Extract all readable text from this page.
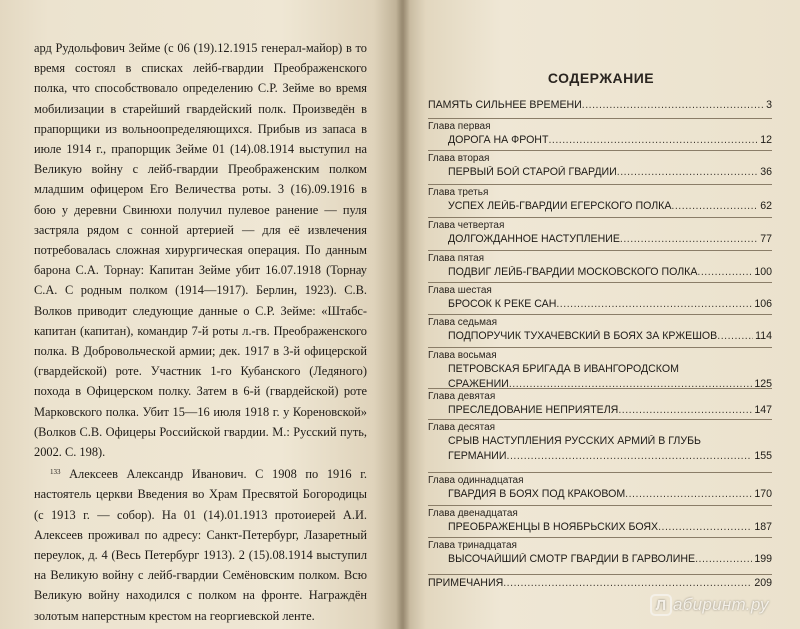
ард Рудольфович Зейме (с 06 (19).12.1915 генерал-майор) в то время состоял в списках лейб-гвардии Преображенского полка, что способствовало определению С.Р. Зейме во время мобилизации в старейший гвардейский полк. Произведён в прапорщики из вольноопределяющихся. Прибыв из запаса в июле 1914 г., прапорщик Зейме 01 (14).08.1914 выступил на Великую войну с лейб-гвардии Преображенским полком младшим офицером Его Величества роты. 3 (16).09.1916 в бою у деревни Свинюхи получил пулевое ранение — пуля застряла рядом с сонной артерией — для её извлечения потребовалась сложная хирургическая операция. По данным барона С.А. Торнау: Капитан Зейме убит 16.07.1918 (Торнау С.А. С родным полком (1914—1917). Берлин, 1923). С.В. Волков приводит следующие данные о С.Р. Зейме: «Штабс-капитан (капитан), командир 7-й роты л.-гв. Преображенского полка. В Добровольческой армии; дек. 1917 в 3-й офицерской (гвардейской) роте. Участник 1-го Кубанского (Ледяного) похода в Офицерском полку. Затем в 6-й (гвардейской) роте Марковского полка. Убит 15—16 июля 1918 г. у Кореновской» (Волков С.В. Офицеры Российской гвардии. М.: Русский путь, 2002. С. 198).

$^{133}$ Алексеев Александр Иванович. С 1908 по 1916 г. настоятель церкви Введения во Храм Пресвятой Богородицы (с 1913 г. — собор). На 01 (14).01.1913 протоиерей А.И. Алексеев проживал по адресу: Санкт-Петербург, Лазаретный переулок, д. 4 (Весь Петербург 1913). 2 (15).08.1914 выступил на Великую войну с лейб-гвардии Семёновским полком. Всю Великую войну находился с полком на фронте. Награждён золотым наперстным крестом на георгиевской ленте.

СОДЕРЖАНИЕ
ПАМЯТЬ СИЛЬНЕЕ ВРЕМЕНИ .....	3
Глава первая
ДОРОГА НА ФРОНТ .....	12
Глава вторая
ПЕРВЫЙ БОЙ СТАРОЙ ГВАРДИИ .....	36
Глава третья
УСПЕХ ЛЕЙБ-ГВАРДИИ ЕГЕРСКОГО ПОЛКА .....	62
Глава четвертая
ДОЛГОЖДАННОЕ НАСТУПЛЕНИЕ .....	77
Глава пятая
ПОДВИГ ЛЕЙБ-ГВАРДИИ МОСКОВСКОГО ПОЛКА .....	100
Глава шестая
БРОСОК К РЕКЕ САН .....	106
Глава седьмая
ПОДПОРУЧИК ТУХАЧЕВСКИЙ В БОЯХ ЗА КРЖЕШОВ .....	114
Глава восьмая
ПЕТРОВСКАЯ БРИГАДА В ИВАНГОРОДСКОМ
СРАЖЕНИИ .....	125
Глава девятая
ПРЕСЛЕДОВАНИЕ НЕПРИЯТЕЛЯ .....	147
Глава десятая
СРЫВ НАСТУПЛЕНИЯ РУССКИХ АРМИЙ В ГЛУБЬ
ГЕРМАНИИ .....	155
Глава одиннадцатая
ГВАРДИЯ В БОЯХ ПОД КРАКОВОМ .....	170
Глава двенадцатая
ПРЕОБРАЖЕНЦЫ В НОЯБРЬСКИХ БОЯХ .....	187
Глава тринадцатая
ВЫСОЧАЙШИЙ СМОТР ГВАРДИИ В ГАРВОЛИНЕ .....	199
ПРИМЕЧАНИЯ .....	209
Л абиринт.ру
